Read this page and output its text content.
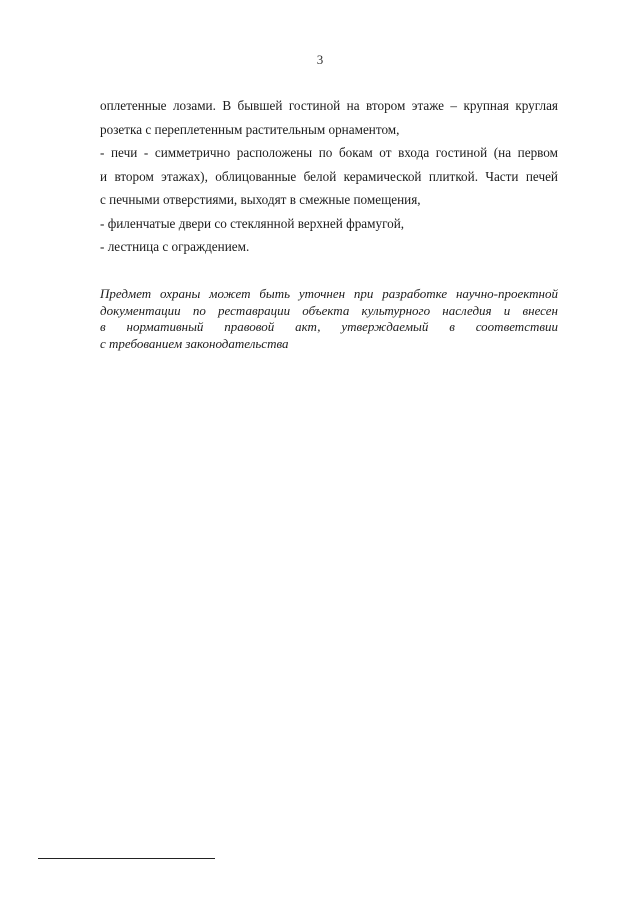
3
оплетенные лозами. В бывшей гостиной на втором этаже – крупная круглая
розетка с переплетенным растительным орнаментом,
- печи - симметрично расположены по бокам от входа гостиной (на первом
и втором этажах), облицованные белой керамической плиткой. Части печей
с печными отверстиями, выходят в смежные помещения,
- филенчатые двери со стеклянной верхней фрамугой,
- лестница с ограждением.
Предмет охраны может быть уточнен при разработке научно-проектной
документации по реставрации объекта культурного наследия и внесен
в нормативный правовой акт, утверждаемый в соответствии
с требованием законодательства
